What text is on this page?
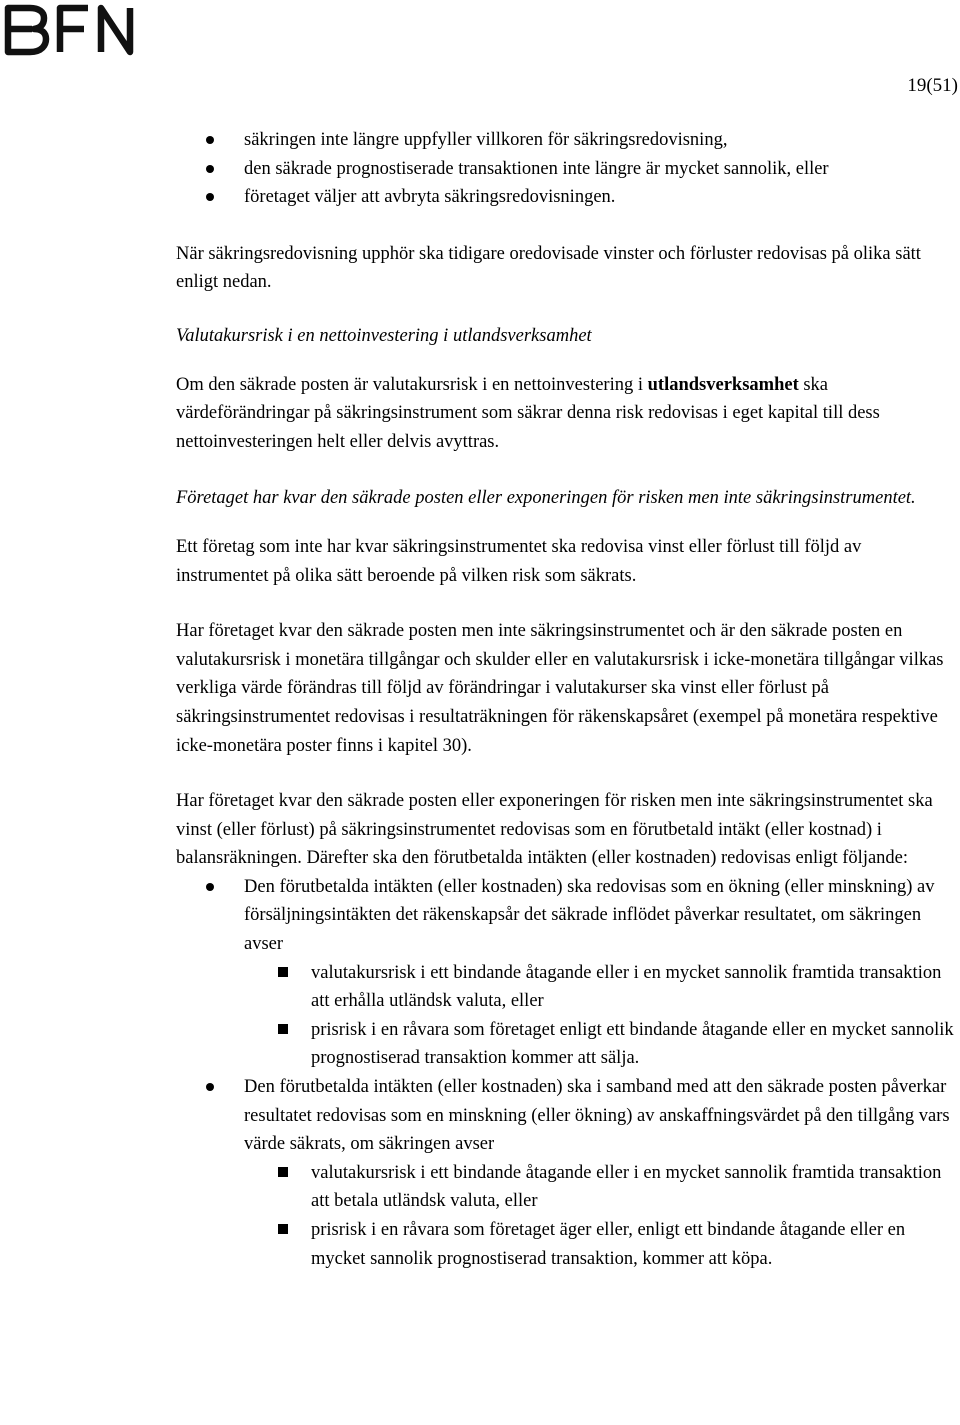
19(51)
säkringen inte längre uppfyller villkoren för säkringsredovisning,
den säkrade prognostiserade transaktionen inte längre är mycket sannolik, eller
företaget väljer att avbryta säkringsredovisningen.

När säkringsredovisning upphör ska tidigare oredovisade vinster och förluster redovisas på olika sätt enligt nedan.

Valutakursrisk i en nettoinvestering i utlandsverksamhet

Om den säkrade posten är valutakursrisk i en nettoinvestering i utlandsverksamhet ska värdeförändringar på säkringsinstrument som säkrar denna risk redovisas i eget kapital till dess nettoinvesteringen helt eller delvis avyttras.

Företaget har kvar den säkrade posten eller exponeringen för risken men inte säkringsinstrumentet.

Ett företag som inte har kvar säkringsinstrumentet ska redovisa vinst eller förlust till följd av instrumentet på olika sätt beroende på vilken risk som säkrats.

Har företaget kvar den säkrade posten men inte säkringsinstrumentet och är den säkrade posten en valutakursrisk i monetära tillgångar och skulder eller en valutakursrisk i icke-monetära tillgångar vilkas verkliga värde förändras till följd av förändringar i valutakurser ska vinst eller förlust på säkringsinstrumentet redovisas i resultaträkningen för räkenskapsåret (exempel på monetära respektive icke-monetära poster finns i kapitel 30).

Har företaget kvar den säkrade posten eller exponeringen för risken men inte säkringsinstrumentet ska vinst (eller förlust) på säkringsinstrumentet redovisas som en förutbetald intäkt (eller kostnad) i balansräkningen. Därefter ska den förutbetalda intäkten (eller kostnaden) redovisas enligt följande:

Den förutbetalda intäkten (eller kostnaden) ska redovisas som en ökning (eller minskning) av försäljningsintäkten det räkenskapsår det säkrade inflödet påverkar resultatet, om säkringen avser
valutakursrisk i ett bindande åtagande eller i en mycket sannolik framtida transaktion att erhålla utländsk valuta, eller
prisrisk i en råvara som företaget enligt ett bindande åtagande eller en mycket sannolik prognostiserad transaktion kommer att sälja.
Den förutbetalda intäkten (eller kostnaden) ska i samband med att den säkrade posten påverkar resultatet redovisas som en minskning (eller ökning) av anskaffningsvärdet på den tillgång vars värde säkrats, om säkringen avser
valutakursrisk i ett bindande åtagande eller i en mycket sannolik framtida transaktion att betala utländsk valuta, eller
prisrisk i en råvara som företaget äger eller, enligt ett bindande åtagande eller en mycket sannolik prognostiserad transaktion, kommer att köpa.
